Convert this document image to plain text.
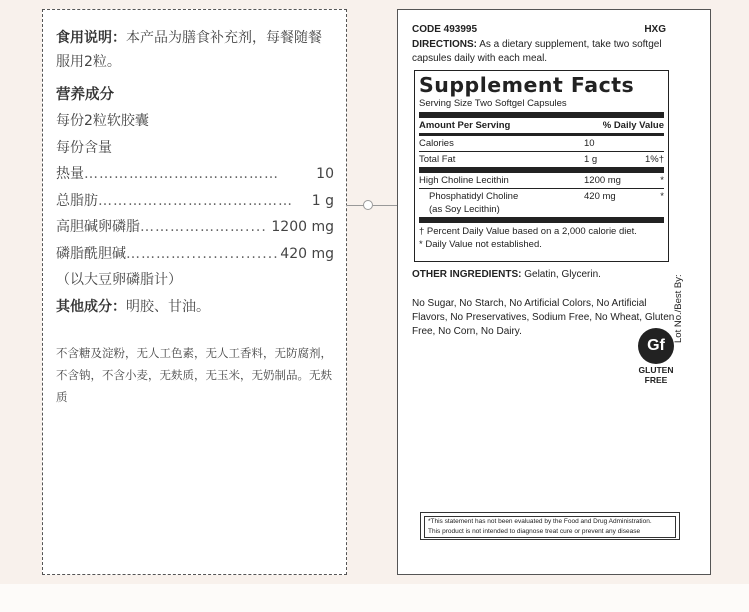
食用说明：本产品为膳食补充剂，每餐随餐服用2粒。
营养成分
每份2粒软胶囊
每份含量
热量 …………………………………	10
总脂肪 …………………………………	1 g
高胆碱卵磷脂 ………………….... 1200 mg
磷脂酰胆碱 …………................. 420 mg
（以大豆卵磷脂计）
其他成分：明胶、甘油。
不含糖及淀粉，无人工色素，无人工香料，无防腐剂，不含钠，不含小麦，无麸质，无玉米，无奶制品。无麸质
CODE 493995	HXG
DIRECTIONS: As a dietary supplement, take two softgel capsules daily with each meal.
Supplement Facts
Serving Size Two Softgel Capsules
Amount Per Serving	% Daily Value
Calories	10
Total Fat	1 g	1%†
High Choline Lecithin	1200 mg	*
Phosphatidyl Choline
(as Soy Lecithin)
420 mg	*
† Percent Daily Value based on a 2,000 calorie diet.
* Daily Value not established.
OTHER INGREDIENTS: Gelatin, Glycerin.
No Sugar, No Starch, No Artificial Colors, No Artificial Flavors, No Preservatives, Sodium Free, No Wheat, Gluten Free, No Corn, No Dairy.	Lot No./Best By:
Gf
GLUTEN FREE
*This statement has not been evaluated by the Food and Drug Administration.
This product is not intended to diagnose treat cure or prevent any disease
